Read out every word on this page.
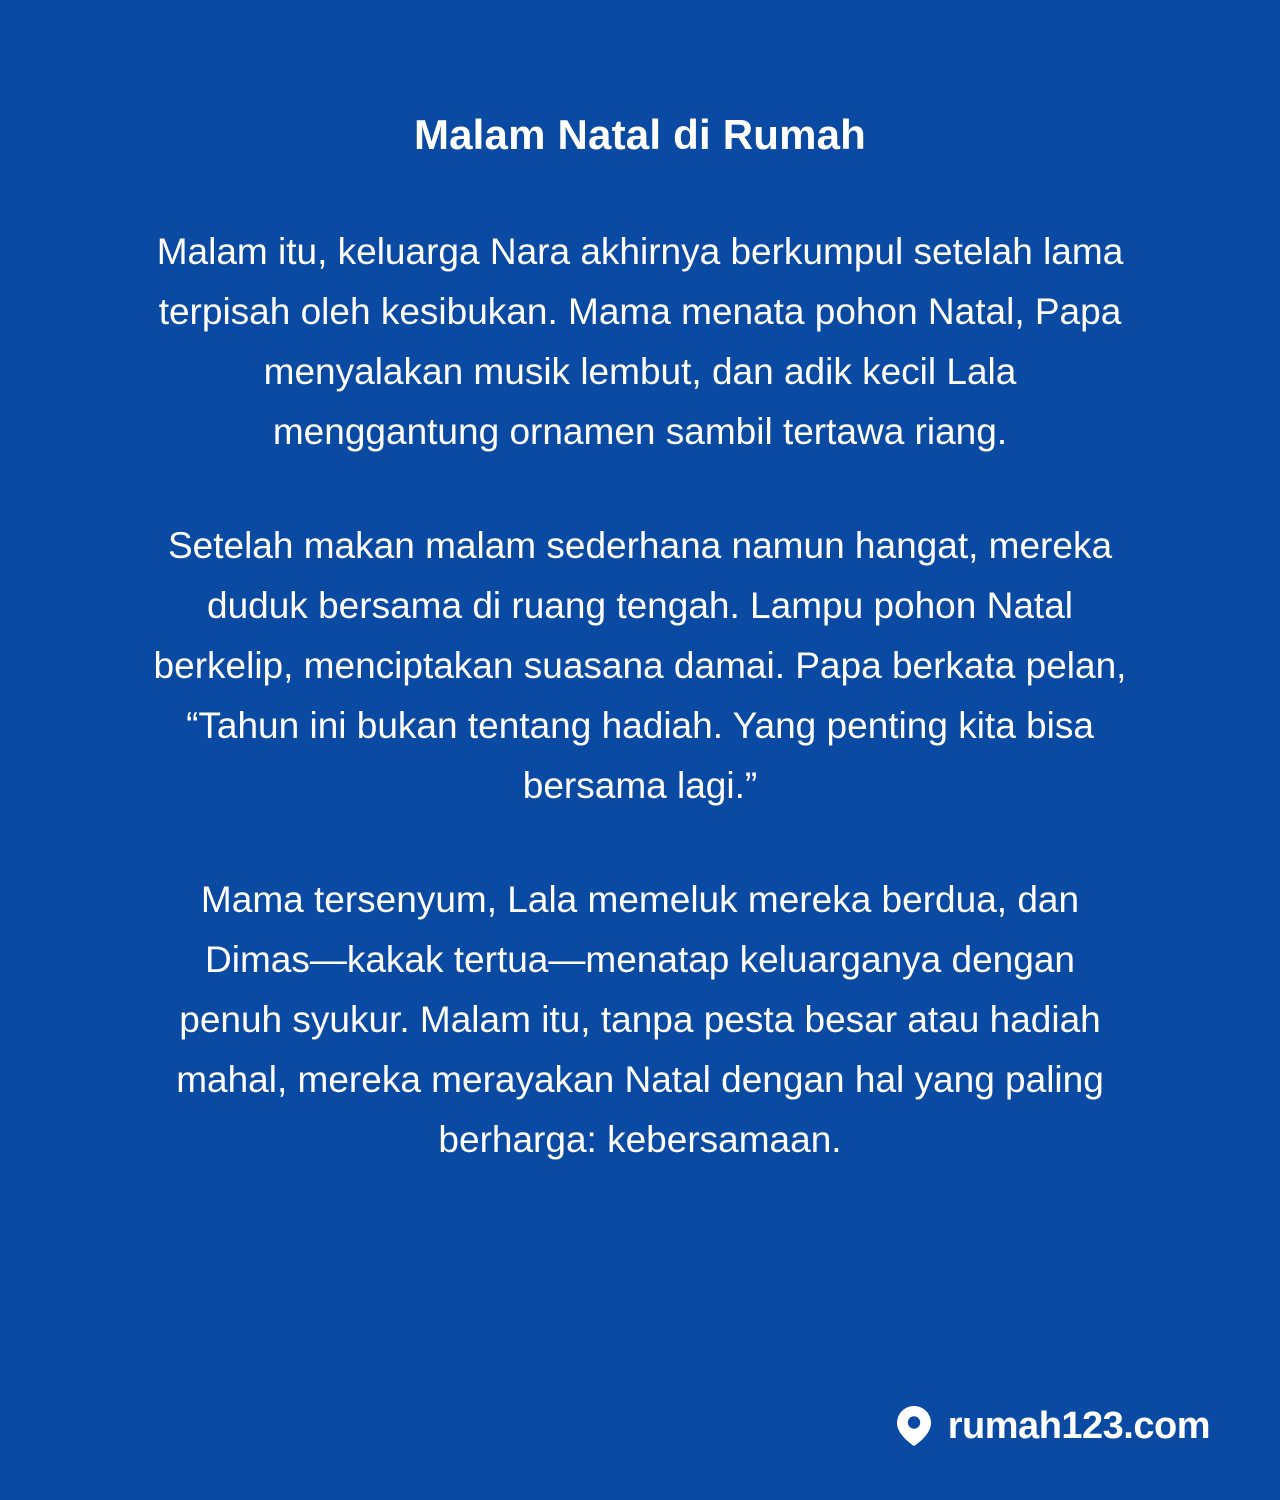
Malam Natal di Rumah

Malam itu, keluarga Nara akhirnya berkumpul setelah lama terpisah oleh kesibukan. Mama menata pohon Natal, Papa menyalakan musik lembut, dan adik kecil Lala menggantung ornamen sambil tertawa riang.

Setelah makan malam sederhana namun hangat, mereka duduk bersama di ruang tengah. Lampu pohon Natal berkelip, menciptakan suasana damai. Papa berkata pelan, “Tahun ini bukan tentang hadiah. Yang penting kita bisa bersama lagi.”

Mama tersenyum, Lala memeluk mereka berdua, dan Dimas—kakak tertua—menatap keluarganya dengan penuh syukur. Malam itu, tanpa pesta besar atau hadiah mahal, mereka merayakan Natal dengan hal yang paling berharga: kebersamaan.

rumah123.com
